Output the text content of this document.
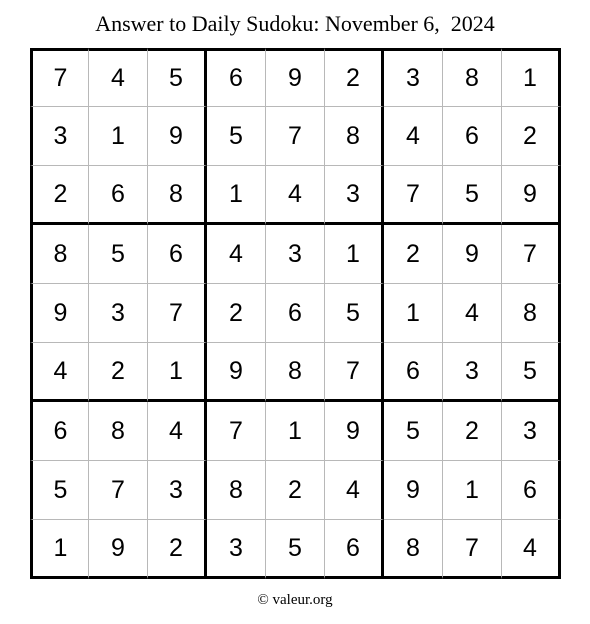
Answer to Daily Sudoku: November 6,  2024
7	4	5	6	9	2	3	8	1
3	1	9	5	7	8	4	6	2
2	6	8	1	4	3	7	5	9
8	5	6	4	3	1	2	9	7
9	3	7	2	6	5	1	4	8
4	2	1	9	8	7	6	3	5
6	8	4	7	1	9	5	2	3
5	7	3	8	2	4	9	1	6
1	9	2	3	5	6	8	7	4
© valeur.org
